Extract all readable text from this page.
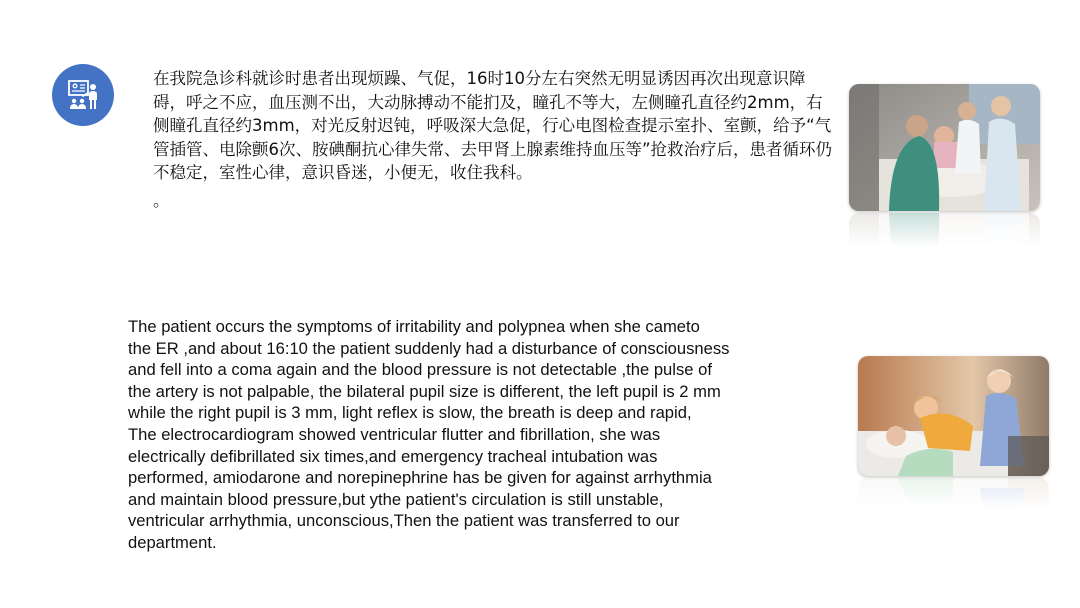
在我院急诊科就诊时患者出现烦躁、气促，16时10分左右突然无明显诱因再次出现意识障碍，呼之不应，血压测不出，大动脉搏动不能扪及，瞳孔不等大，左侧瞳孔直径约2mm，右侧瞳孔直径约3mm，对光反射迟钝，呼吸深大急促，行心电图检查提示室扑、室颤，给予“气管插管、电除颤6次、胺碘酮抗心律失常、去甲肾上腺素维持血压等”抢救治疗后，患者循环仍不稳定，室性心律，意识昏迷，小便无，收住我科。
。
The patient occurs the symptoms of irritability and polypnea when she cameto
the ER ,and about 16:10 the patient suddenly had a disturbance of consciousness
and fell into a coma again and the blood pressure is not detectable ,the pulse of
the artery is not palpable, the bilateral pupil size is different, the left pupil is 2 mm
while the right pupil is 3 mm, light reflex is slow, the breath is deep and rapid,
The electrocardiogram showed ventricular flutter and fibrillation, she was
electrically defibrillated six times,and emergency tracheal intubation was
performed, amiodarone and norepinephrine has be given for against arrhythmia
and maintain blood pressure,but ythe patient's circulation is still unstable,
ventricular arrhythmia, unconscious,Then the patient was transferred to our
department.
